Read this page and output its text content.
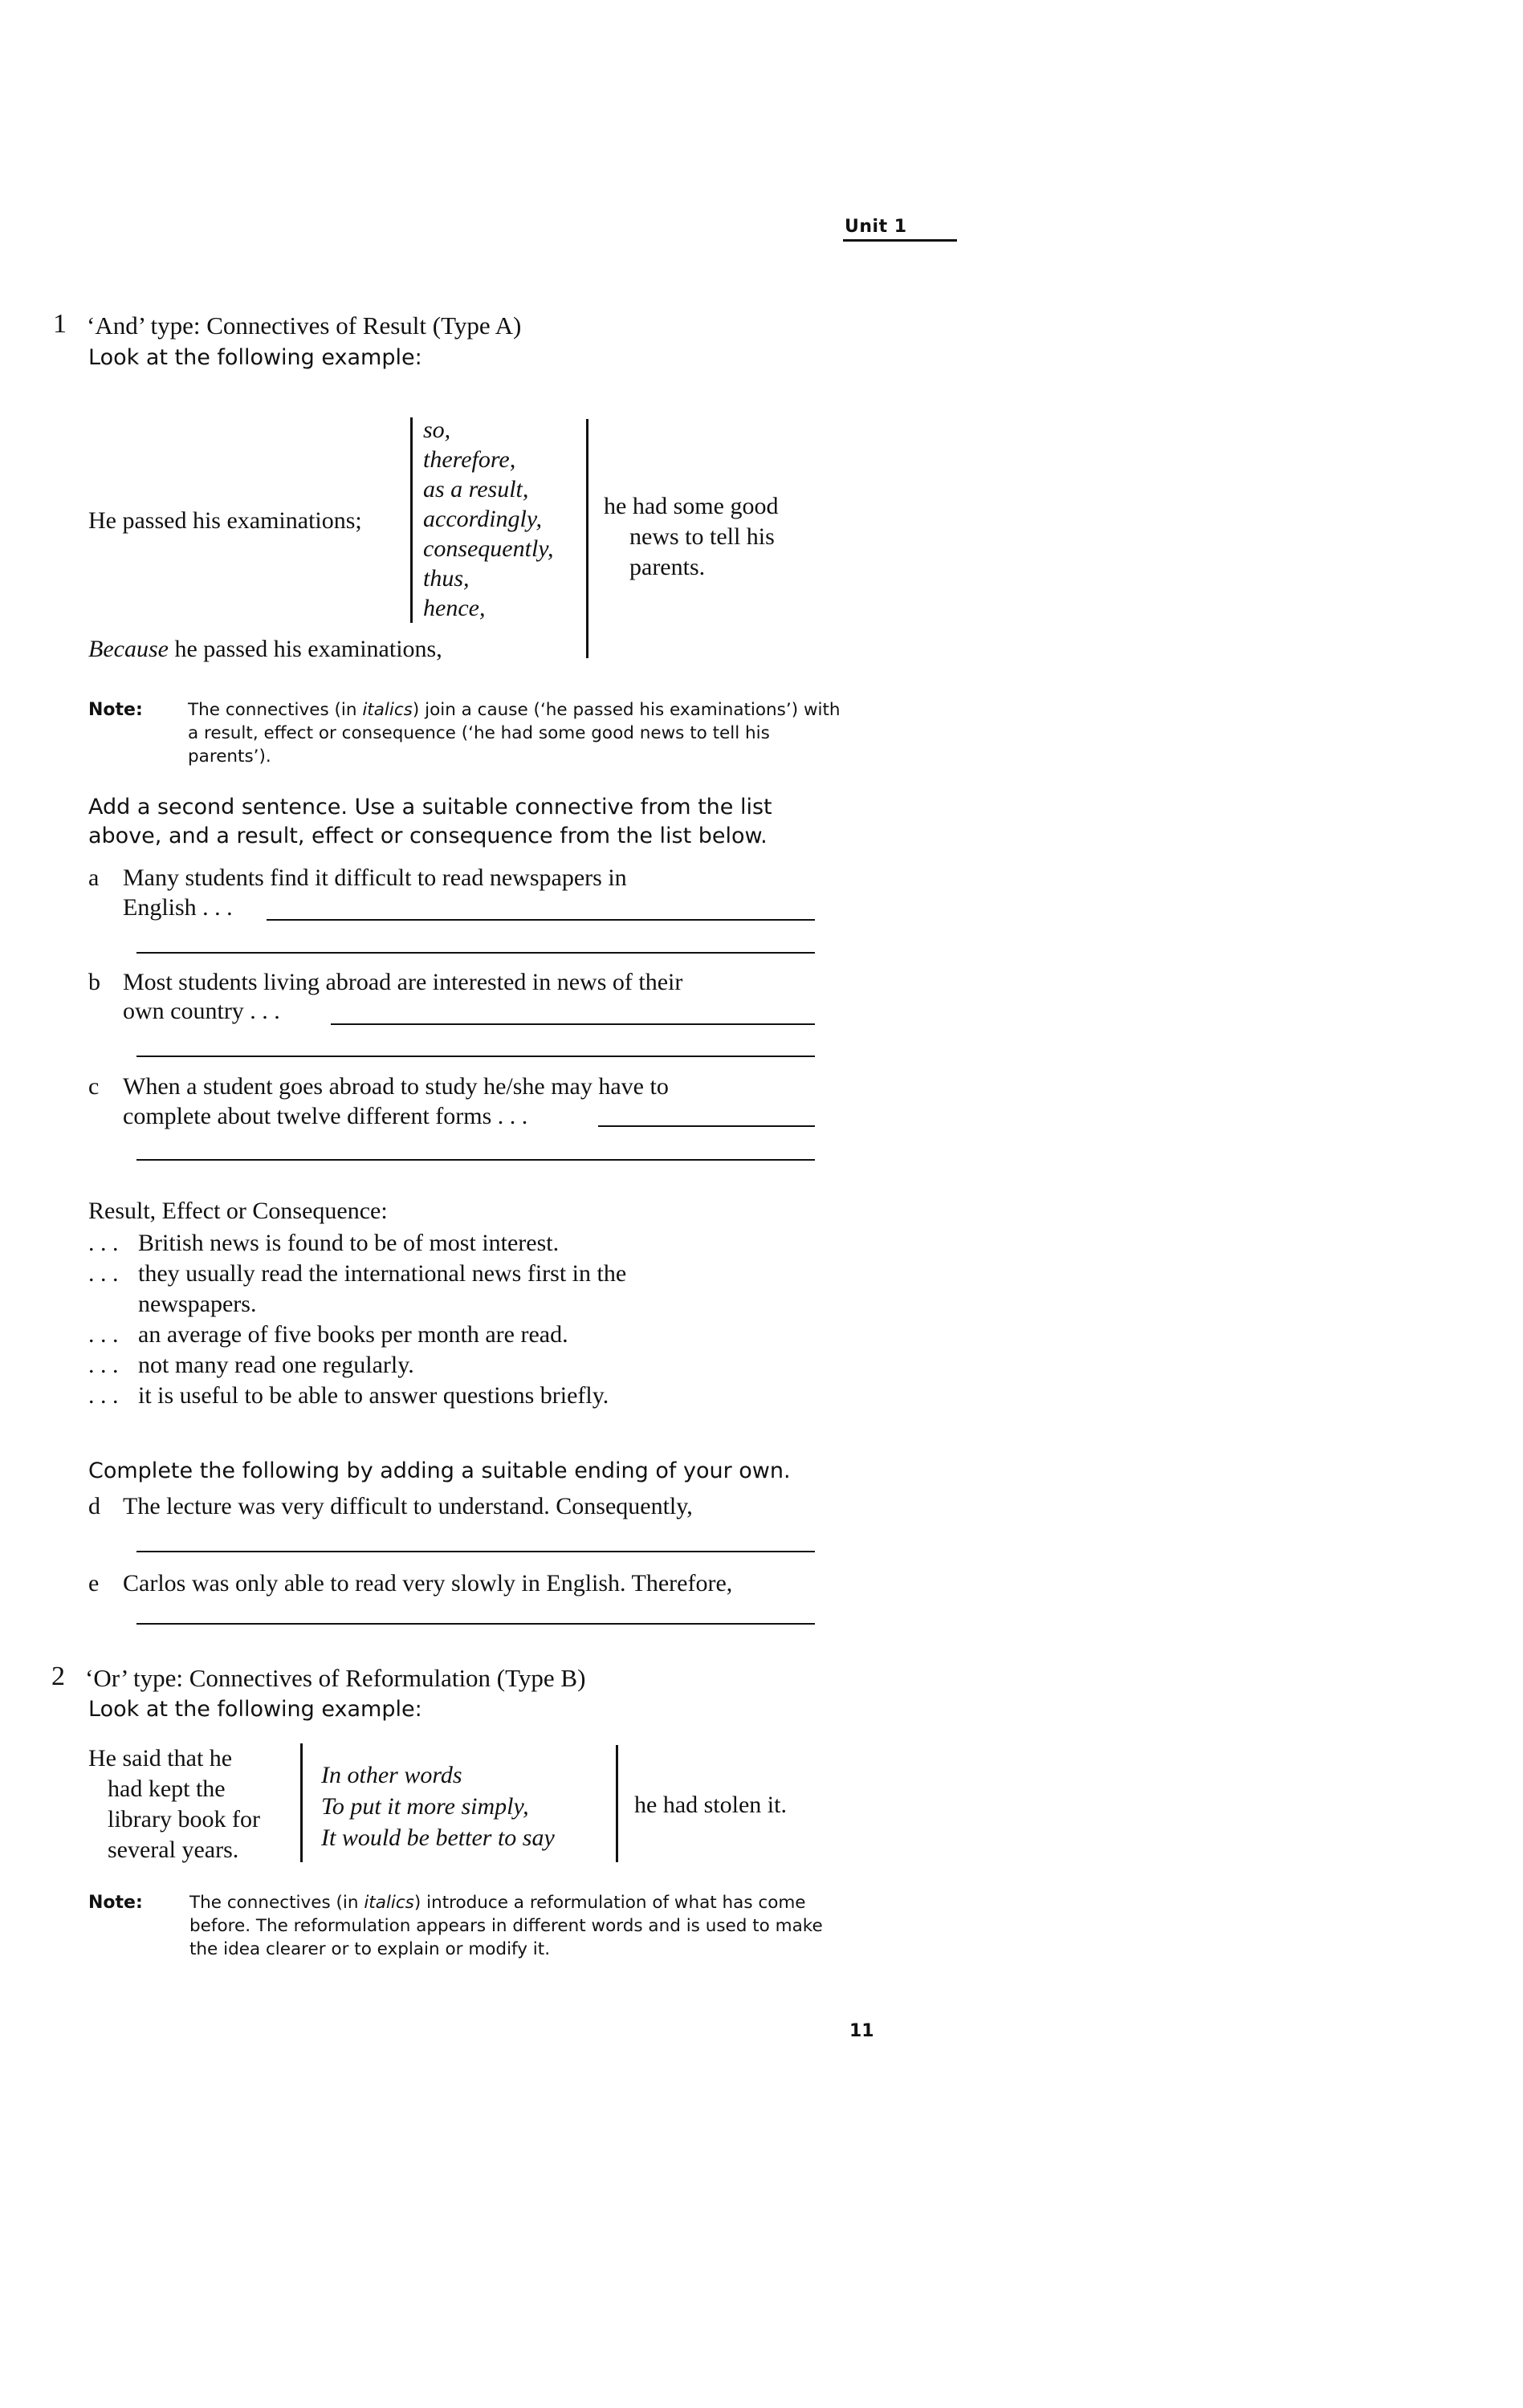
Unit 1
1 ‘And’ type: Connectives of Result (Type A)
Look at the following example:
He passed his examinations;
so,
therefore,
as a result,
accordingly,
consequently,
thus,
hence,
Because he passed his examinations,
he had some good
news to tell his
parents.
Note:	The connectives (in italics) join a cause (‘he passed his examinations’) with a result, effect or consequence (‘he had some good news to tell his parents’).
Add a second sentence. Use a suitable connective from the list above, and a result, effect or consequence from the list below.
a Many students find it difficult to read newspapers in
English . . .
b Most students living abroad are interested in news of their
own country . . .
c When a student goes abroad to study he/she may have to
complete about twelve different forms . . .
Result, Effect or Consequence:
. . . British news is found to be of most interest.
. . . they usually read the international news first in the
newspapers.
. . . an average of five books per month are read.
. . . not many read one regularly.
. . . it is useful to be able to answer questions briefly.
Complete the following by adding a suitable ending of your own.
d The lecture was very difficult to understand. Consequently,
e Carlos was only able to read very slowly in English. Therefore,
2 ‘Or’ type: Connectives of Reformulation (Type B)
Look at the following example:
He said that he
had kept the
library book for
several years.
In other words
To put it more simply,
It would be better to say
he had stolen it.
Note:	The connectives (in italics) introduce a reformulation of what has come before. The reformulation appears in different words and is used to make the idea clearer or to explain or modify it.
11
